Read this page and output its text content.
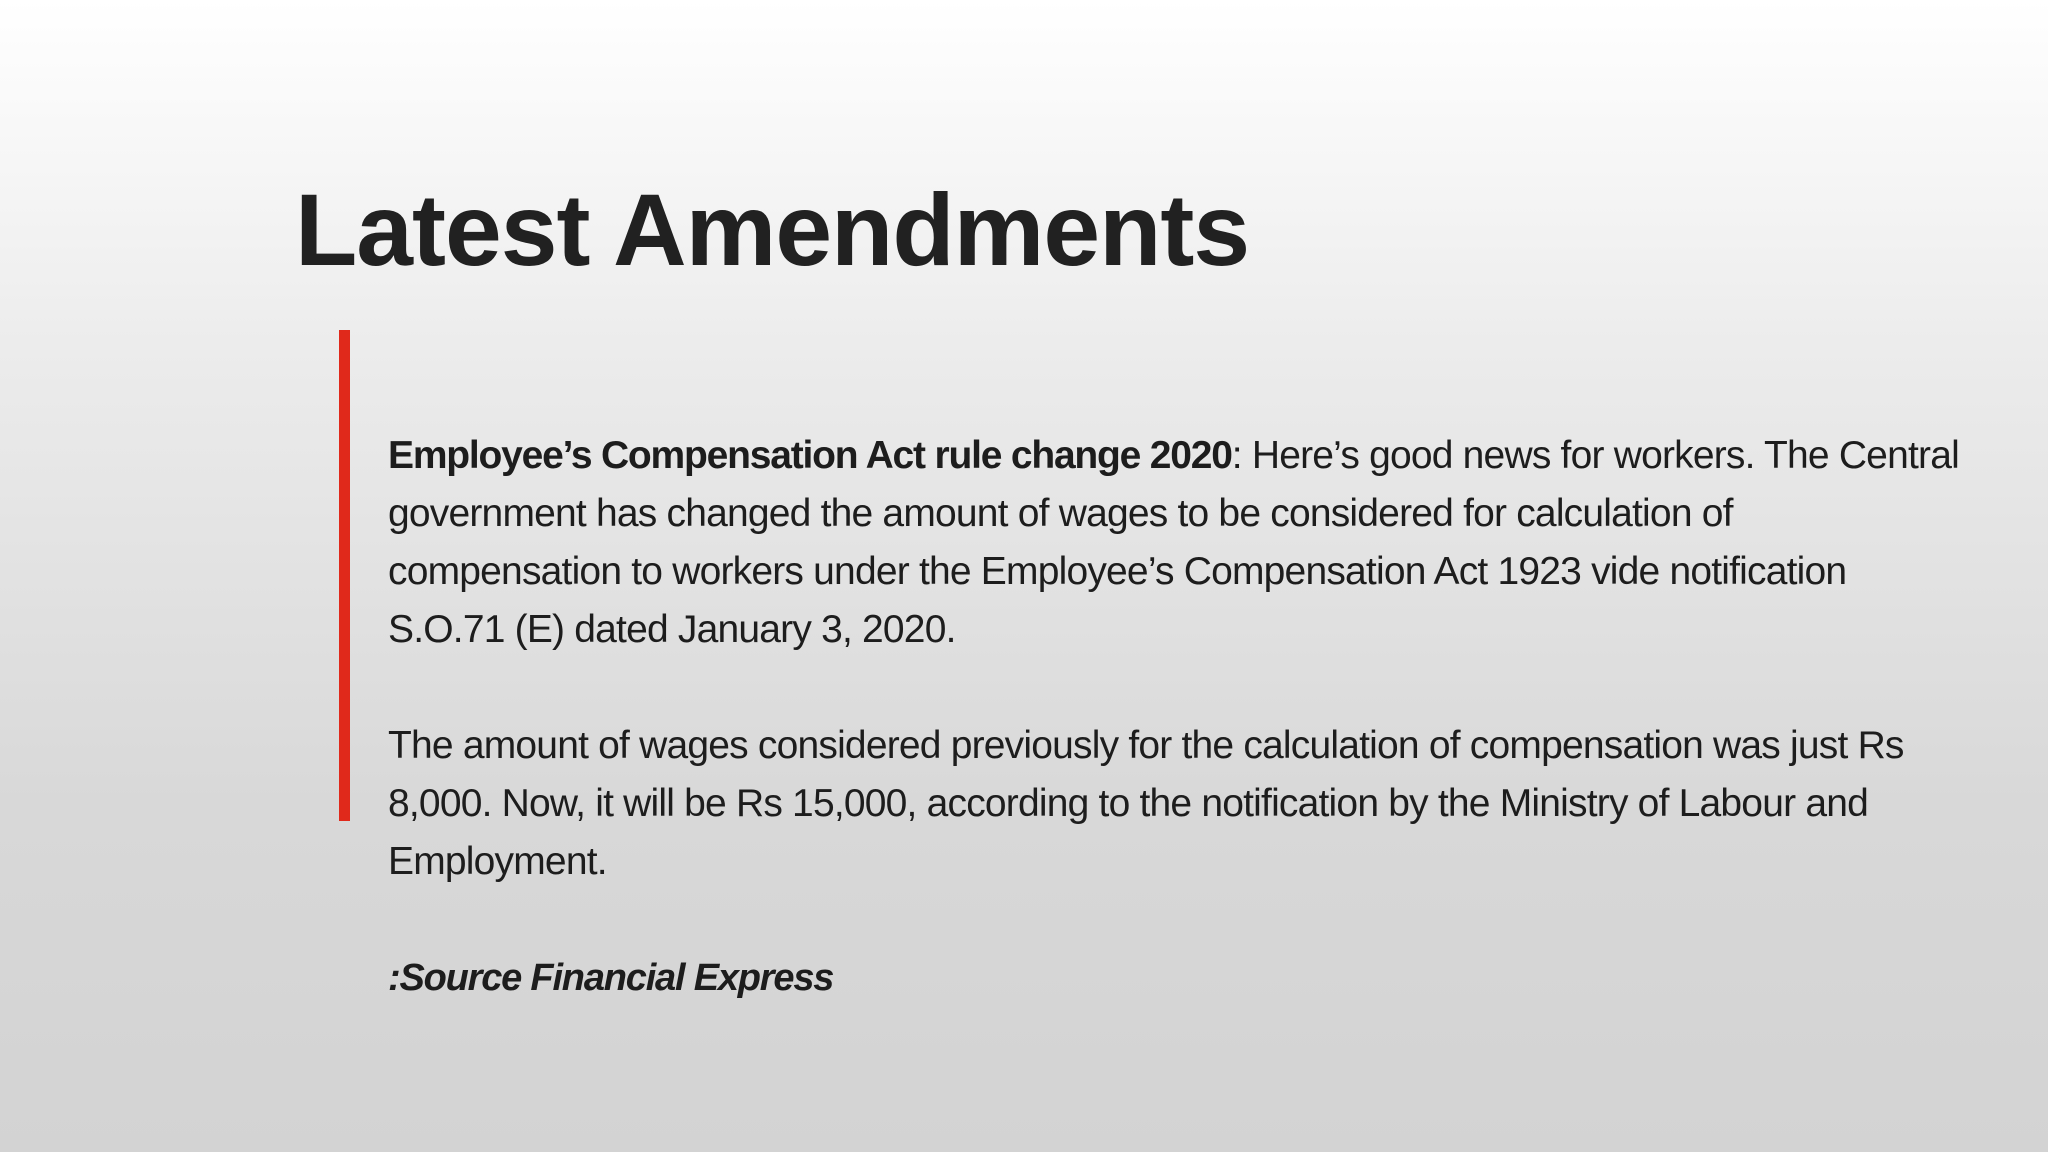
Latest Amendments

Employee’s Compensation Act rule change 2020: Here’s good news for workers. The Central government has changed the amount of wages to be considered for calculation of compensation to workers under the Employee’s Compensation Act 1923 vide notification S.O.71 (E) dated January 3, 2020.

The amount of wages considered previously for the calculation of compensation was just Rs 8,000. Now, it will be Rs 15,000, according to the notification by the Ministry of Labour and Employment.

:Source Financial Express
